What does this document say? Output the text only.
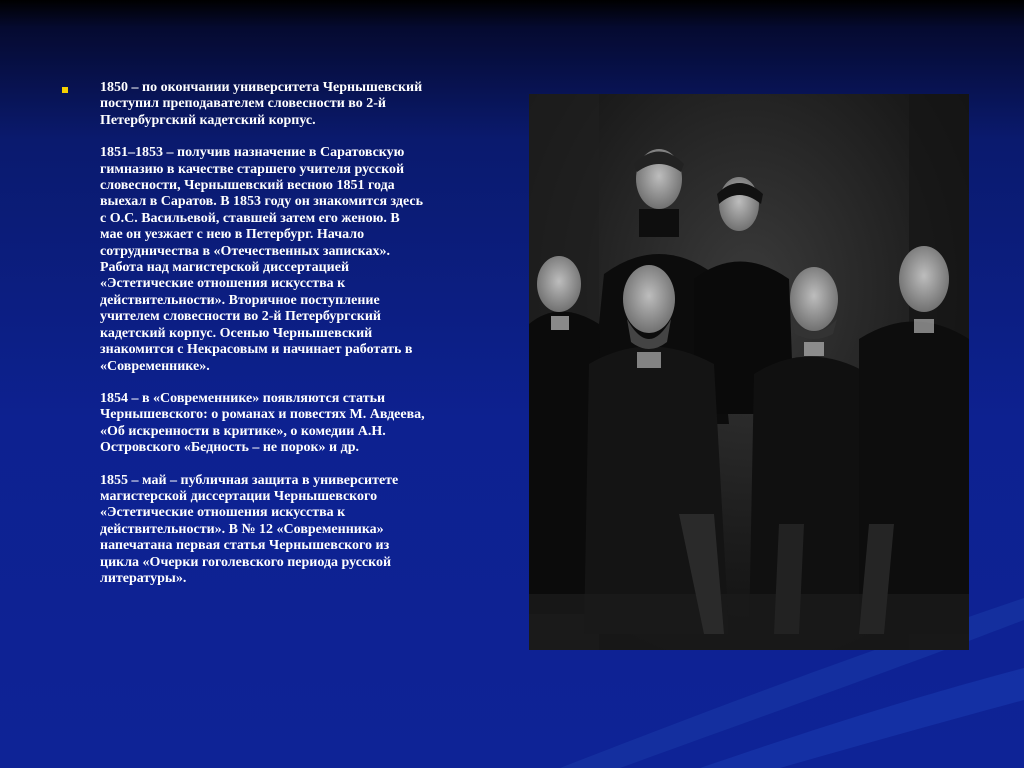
1850 – по окончании университета Чернышевский
поступил преподавателем словесности во 2-й
Петербургский кадетский корпус.

1851–1853 – получив назначение в Саратовскую
гимназию в качестве старшего учителя русской
словесности, Чернышевский весною 1851 года
выехал в Саратов. В 1853 году он знакомится здесь
с О.С. Васильевой, ставшей затем его женою. В
мае он уезжает с нею в Петербург. Начало
сотрудничества в «Отечественных записках».
Работа над магистерской диссертацией
«Эстетические отношения искусства к
действительности». Вторичное поступление
учителем словесности во 2-й Петербургский
кадетский корпус. Осенью Чернышевский
знакомится с Некрасовым и начинает работать в
«Современнике».

1854 – в «Современнике» появляются статьи
Чернышевского: о романах и повестях М. Авдеева,
«Об искренности в критике», о комедии А.Н.
Островского «Бедность – не порок» и др.

1855 – май – публичная защита в университете
магистерской диссертации Чернышевского
«Эстетические отношения искусства к
действительности». В № 12 «Современника»
напечатана первая статья Чернышевского из
цикла «Очерки гоголевского периода русской
литературы».
